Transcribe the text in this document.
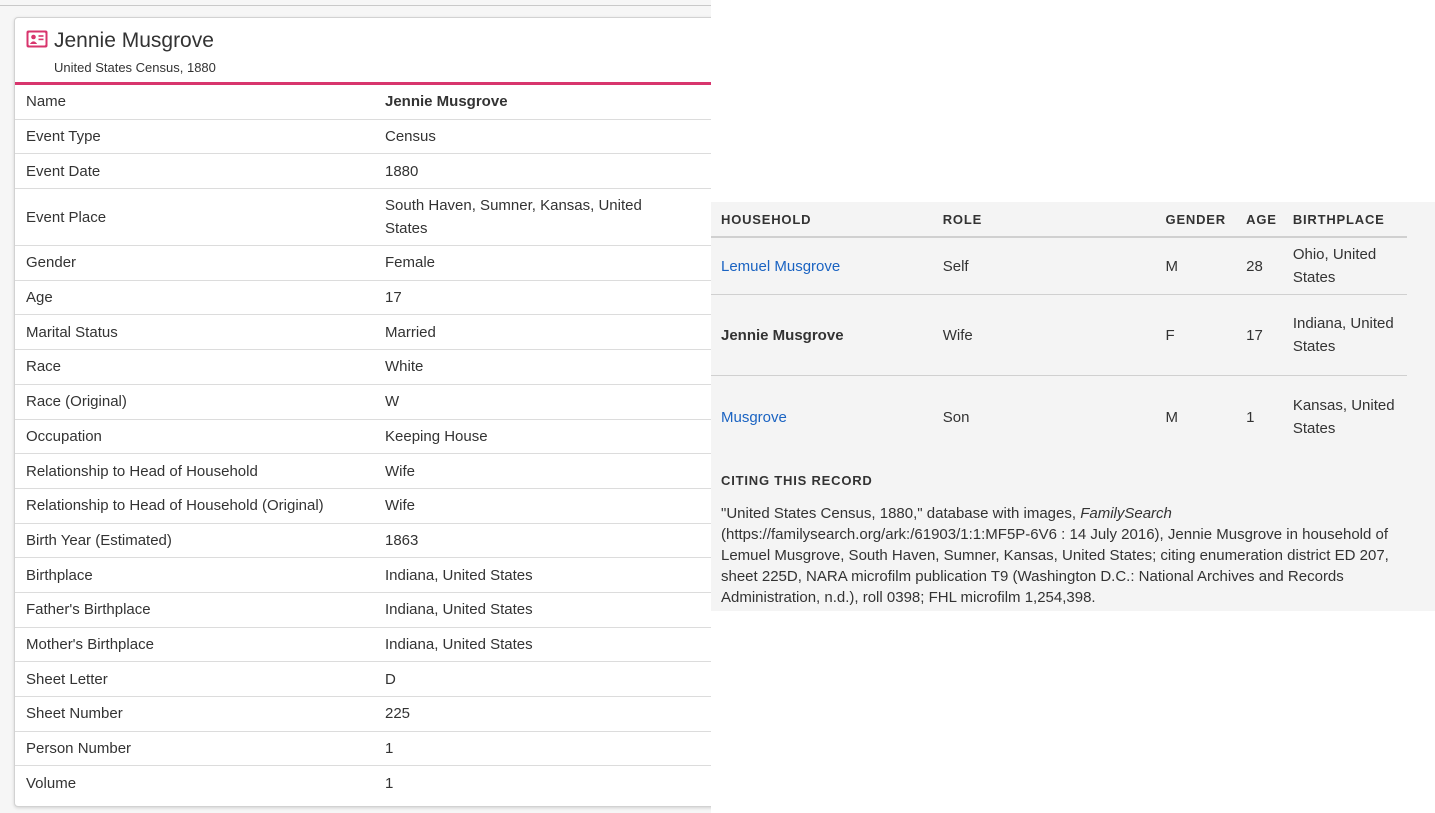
Jennie Musgrove
United States Census, 1880
Name	Jennie Musgrove
Event Type	Census
Event Date	1880
Event Place	South Haven, Sumner, Kansas, United States
Gender	Female
Age	17
Marital Status	Married
Race	White
Race (Original)	W
Occupation	Keeping House
Relationship to Head of Household	Wife
Relationship to Head of Household (Original)	Wife
Birth Year (Estimated)	1863
Birthplace	Indiana, United States
Father's Birthplace	Indiana, United States
Mother's Birthplace	Indiana, United States
Sheet Letter	D
Sheet Number	225
Person Number	1
Volume	1
HOUSEHOLD	ROLE	GENDER	AGE	BIRTHPLACE
Lemuel Musgrove	Self	M	28	Ohio, United States
Jennie Musgrove	Wife	F	17	Indiana, United States
Musgrove	Son	M	1	Kansas, United States
CITING THIS RECORD
"United States Census, 1880," database with images, FamilySearch (https://familysearch.org/ark:/61903/1:1:MF5P-6V6 : 14 July 2016), Jennie Musgrove in household of Lemuel Musgrove, South Haven, Sumner, Kansas, United States; citing enumeration district ED 207, sheet 225D, NARA microfilm publication T9 (Washington D.C.: National Archives and Records Administration, n.d.), roll 0398; FHL microfilm 1,254,398.
